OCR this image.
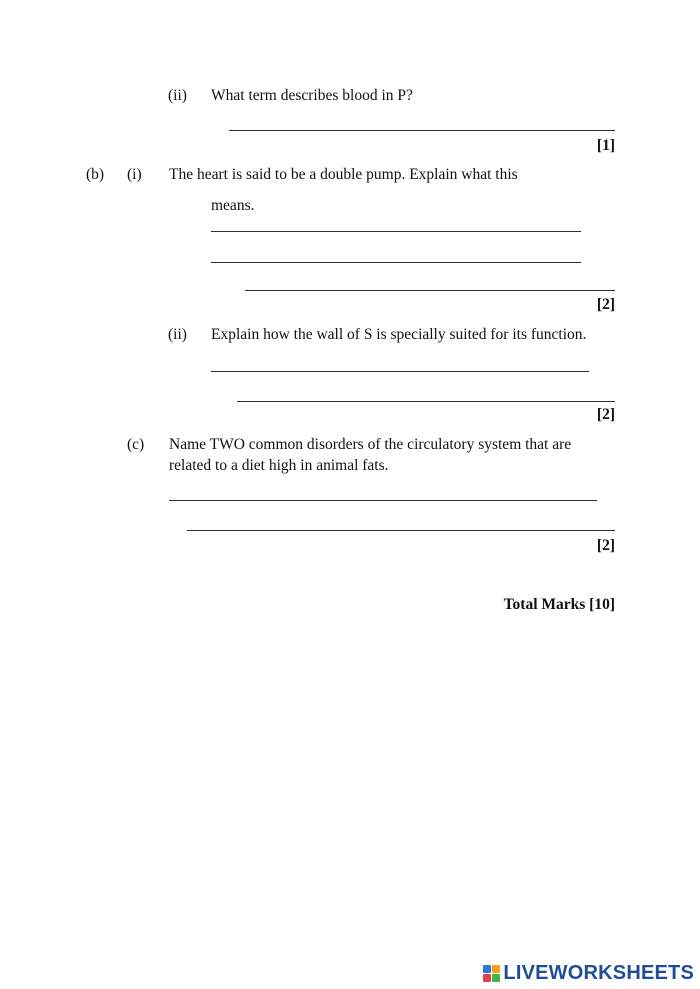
(ii) What term describes blood in P?
[1]
(b) (i) The heart is said to be a double pump. Explain what this
means.
[2]
(ii) Explain how the wall of S is specially suited for its function.
[2]
(c) Name TWO common disorders of the circulatory system that are
related to a diet high in animal fats.
[2]
Total Marks [10]
LIVEWORKSHEETS
